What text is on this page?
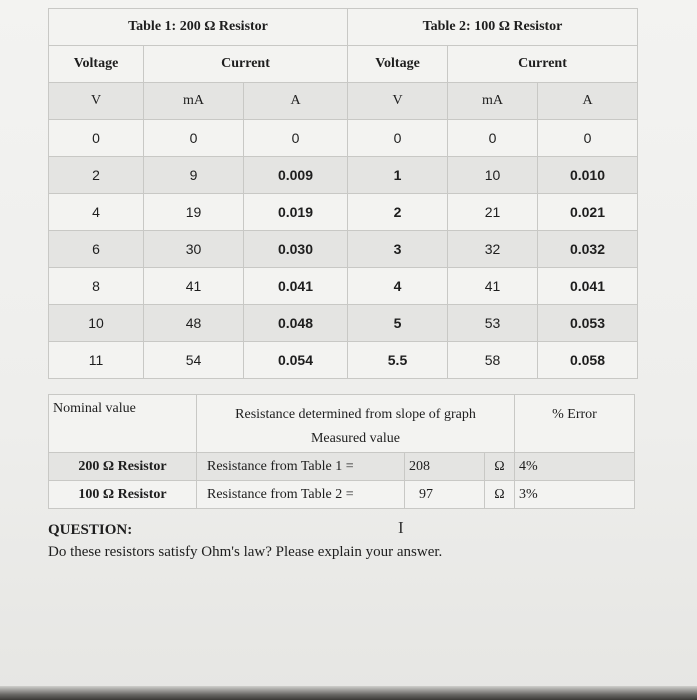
Table 1: 200 Ω Resistor		
Voltage	Current	
V	mA	A
0	0	0
2	9	0.009
4	19	0.019
6	30	0.030
8	41	0.041
10	48	0.048
11	54	0.054
Table 2: 100 Ω Resistor		
Voltage	Current	
V	mA	A
0	0	0
1	10	0.010
2	21	0.021
3	32	0.032
4	41	0.041
5	53	0.053
5.5	58	0.058
Nominal value	Resistance determined from slope of graph
Measured value			% Error
200 Ω Resistor	Resistance from Table 1 =	208	Ω	4%
100 Ω Resistor	Resistance from Table 2 =	97	Ω	3%
I
QUESTION:
Do these resistors satisfy Ohm's law? Please explain your answer.
